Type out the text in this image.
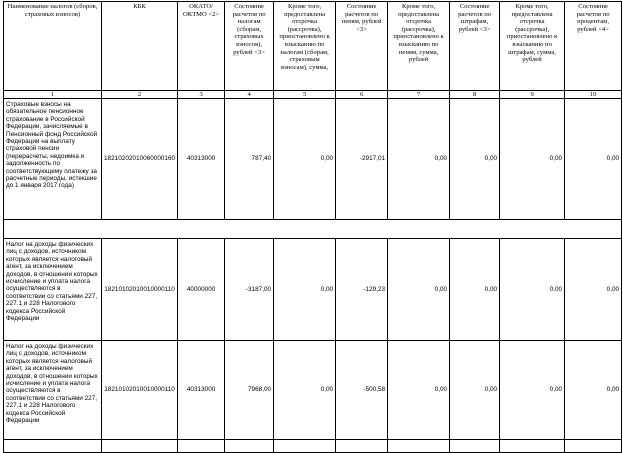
Наименование налогов (сборов, страховых взносов)	КБК	ОКАТО/ ОКТМО <2>	Состояние расчетов по налогам (сборам, страховых взносов), рублей <3>	Кроме того, предоставлена отсрочка (рассрочка), приостановлено к взысканию по налогам (сборам, страховым взносам), сумма,	Состояние расчетов по пеням, рублей <3>	Кроме того, предоставлена отсрочка (рассрочка), приостановлено к взысканию по пеням, сумма, рублей	Состояние расчетов по штрафам, рублей <3>	Кроме того, предоставлена отсрочка (рассрочка), приостановлено к взысканию по штрафам, сумма, рублей	Состояние расчетов по процентам, рублей <4>
1	2	3	4	5	6	7	8	9	10
Страховые взносы на обязательное пенсионное страхование в Российской Федерации, зачисляемые в Пенсионный фонд Российской Федерации на выплату страховой пенсии (перерасчеты, недоимка и задолженность по соответствующему платежу за расчетные периоды, истекшие до 1 января 2017 года)	18210202010060000160	40313000	787,40	0,00	-2917,01	0,00	0,00	0,00	0,00

Налог на доходы физических лиц с доходов, источником которых является налоговый агент, за исключением доходов, в отношении которых исчисление и уплата налога осуществляются в соответствии со статьями 227, 227.1 и 228 Налогового кодекса Российской Федерации	18210102010010000110	40000000	-3187,00	0,00	-129,23	0,00	0,00	0,00	0,00
Налог на доходы физических лиц с доходов, источником которых является налоговый агент, за исключением доходов, в отношении которых исчисление и уплата налога осуществляются в соответствии со статьями 227, 227.1 и 228 Налогового кодекса Российской Федерации	18210102010010000110	40313000	7968,00	0,00	-500,58	0,00	0,00	0,00	0,00
